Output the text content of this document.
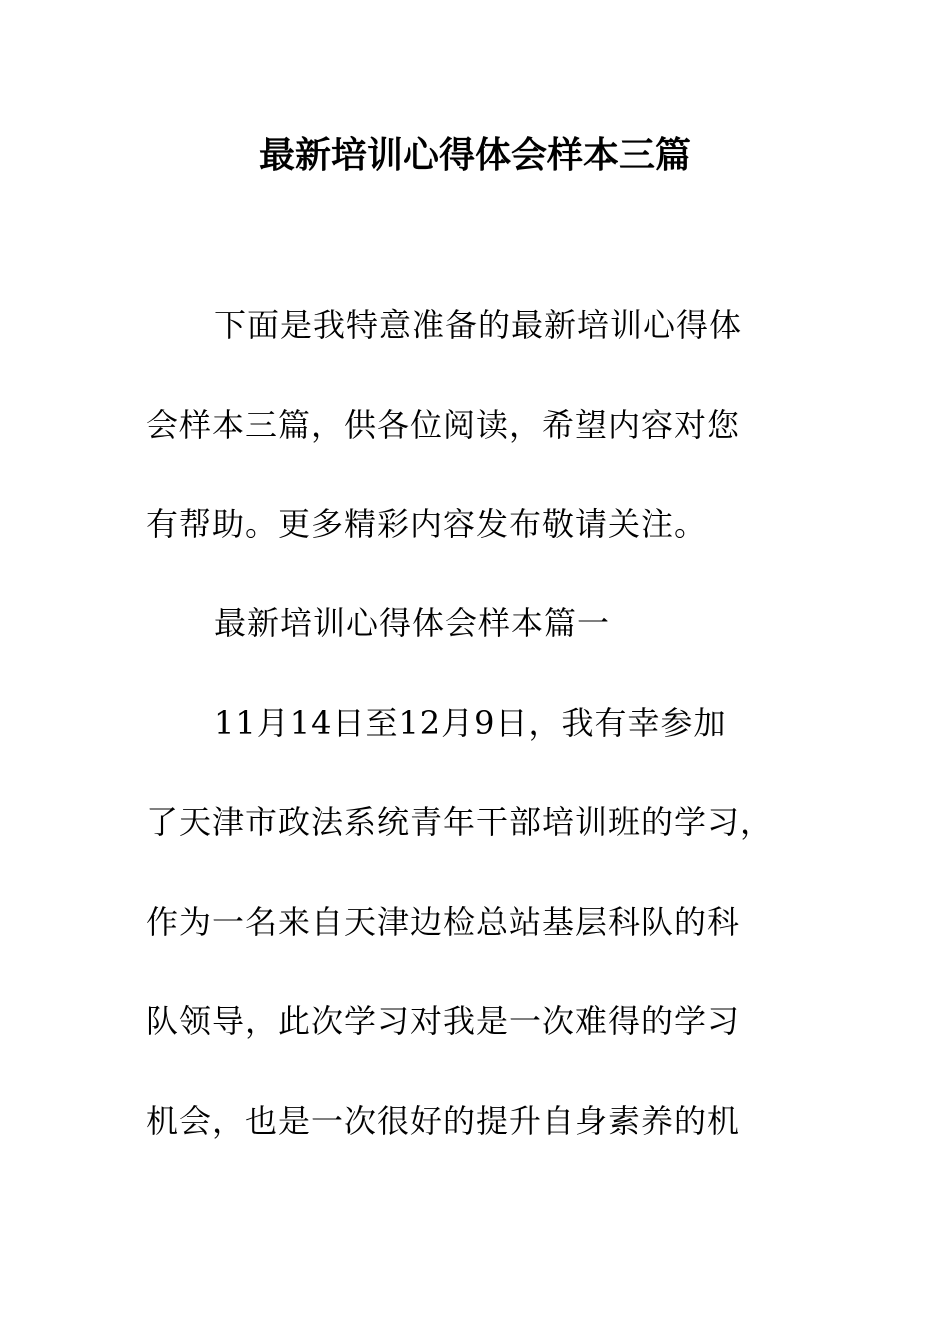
最新培训心得体会样本三篇
下面是我特意准备的最新培训心得体
会样本三篇，供各位阅读，希望内容对您
有帮助。更多精彩内容发布敬请关注。
最新培训心得体会样本篇一
11月14日至12月9日，我有幸参加
了天津市政法系统青年干部培训班的学习，
作为一名来自天津边检总站基层科队的科
队领导，此次学习对我是一次难得的学习
机会，也是一次很好的提升自身素养的机
